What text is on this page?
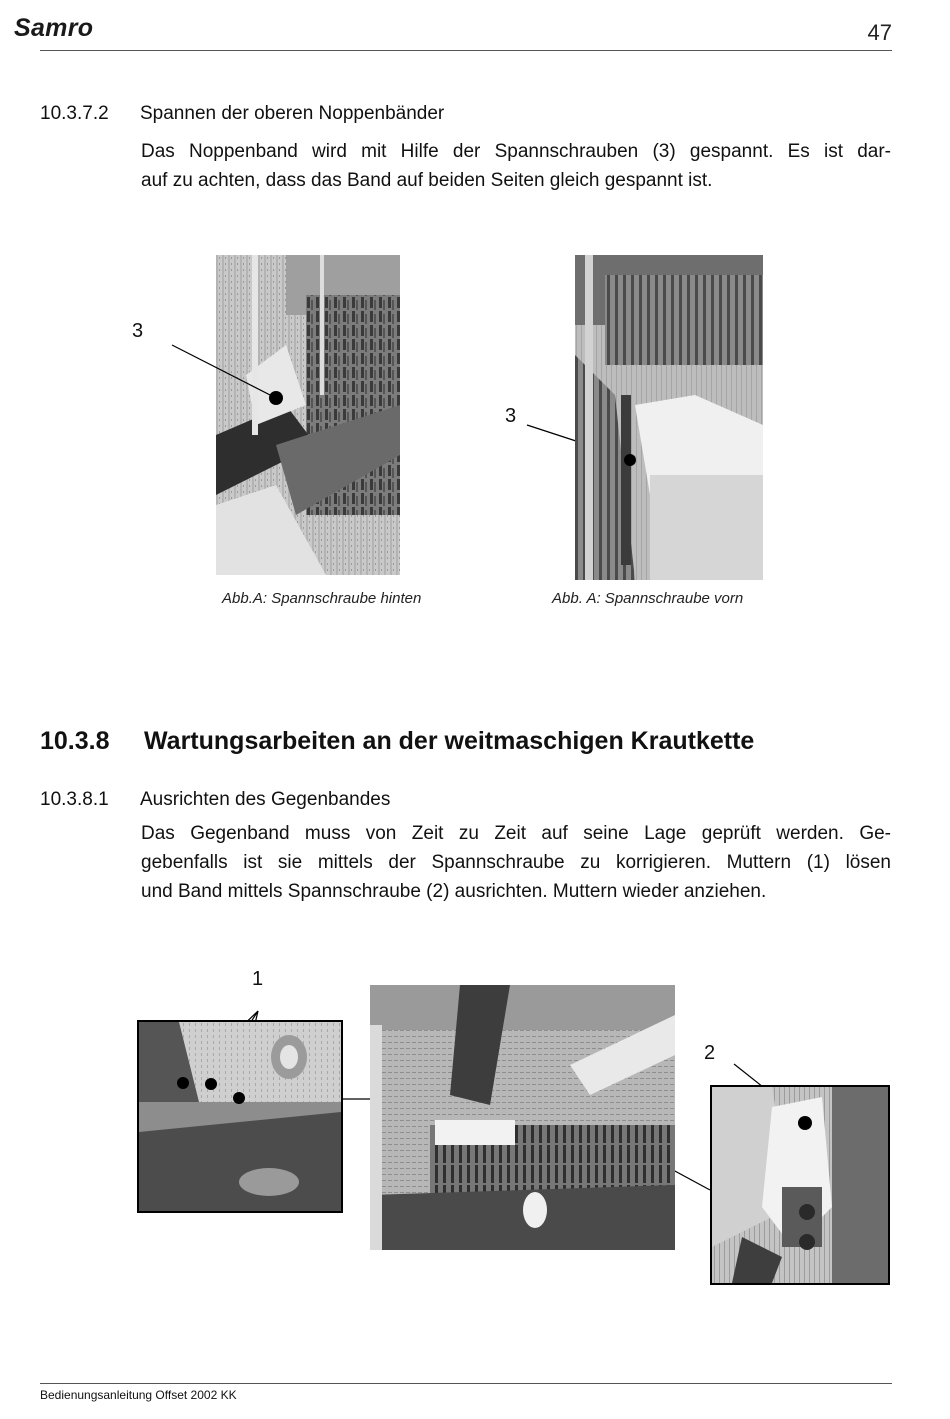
Samro	47
10.3.7.2 Spannen der oberen Noppenbänder
Das Noppenband wird mit Hilfe der Spannschrauben (3) gespannt. Es ist dar-
auf zu achten, dass das Band auf beiden Seiten gleich gespannt ist.
3
3
Abb.A: Spannschraube hinten	Abb. A: Spannschraube vorn
10.3.8 Wartungsarbeiten an der weitmaschigen Krautkette
10.3.8.1 Ausrichten des Gegenbandes
Das Gegenband muss von Zeit zu Zeit auf seine Lage geprüft werden. Ge-
gebenfalls ist sie mittels der Spannschraube zu korrigieren. Muttern (1) lösen
und Band mittels Spannschraube (2) ausrichten. Muttern wieder anziehen.
1
2
Bedienungsanleitung Offset 2002 KK
